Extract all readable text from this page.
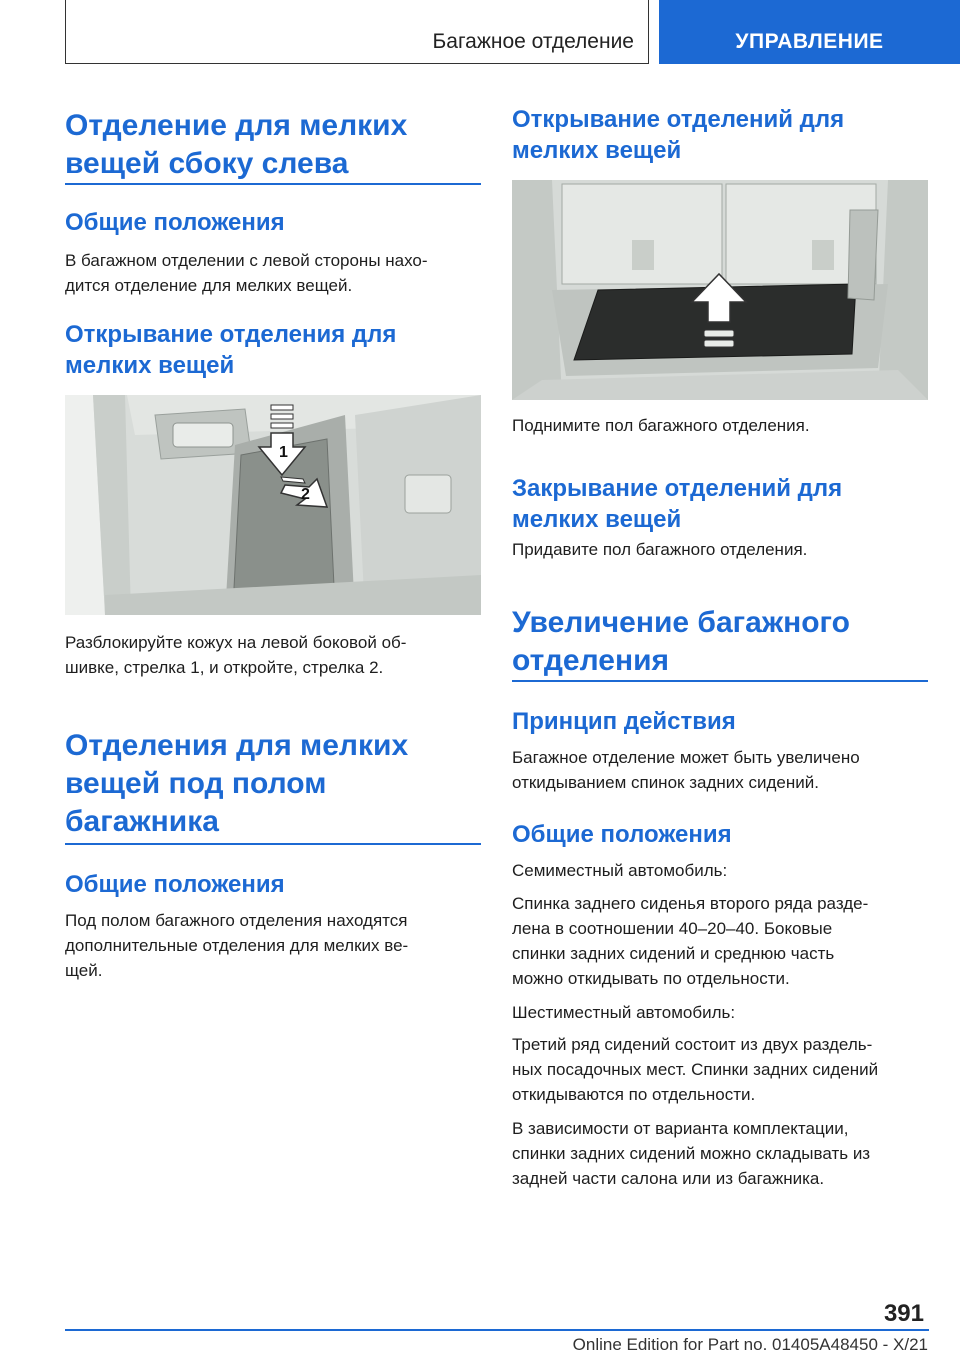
Багажное отделение	УПРАВЛЕНИЕ
Отделение для мелких
вещей сбоку слева
Общие положения

В багажном отделении с левой стороны нахо-

дится отделение для мелких вещей.

Открывание отделения для
мелких вещей
1
2

Разблокируйте кожух на левой боковой об-

шивке, стрелка 1, и откройте, стрелка 2.

Отделения для мелких
вещей под полом
багажника
Общие положения

Под полом багажного отделения находятся

дополнительные отделения для мелких ве-

щей.

Открывание отделений для
мелких вещей

Поднимите пол багажного отделения.

Закрывание отделений для
мелких вещей

Придавите пол багажного отделения.

Увеличение багажного
отделения
Принцип действия

Багажное отделение может быть увеличено

откидыванием спинок задних сидений.

Общие положения

Семиместный автомобиль:

Спинка заднего сиденья второго ряда разде-

лена в соотношении 40–20–40. Боковые

спинки задних сидений и среднюю часть

можно откидывать по отдельности.

Шестиместный автомобиль:

Третий ряд сидений состоит из двух раздель-

ных посадочных мест. Спинки задних сидений

откидываются по отдельности.

В зависимости от варианта комплектации,

спинки задних сидений можно складывать из

задней части салона или из багажника.

391
Online Edition for Part no. 01405A48450 - X/21
